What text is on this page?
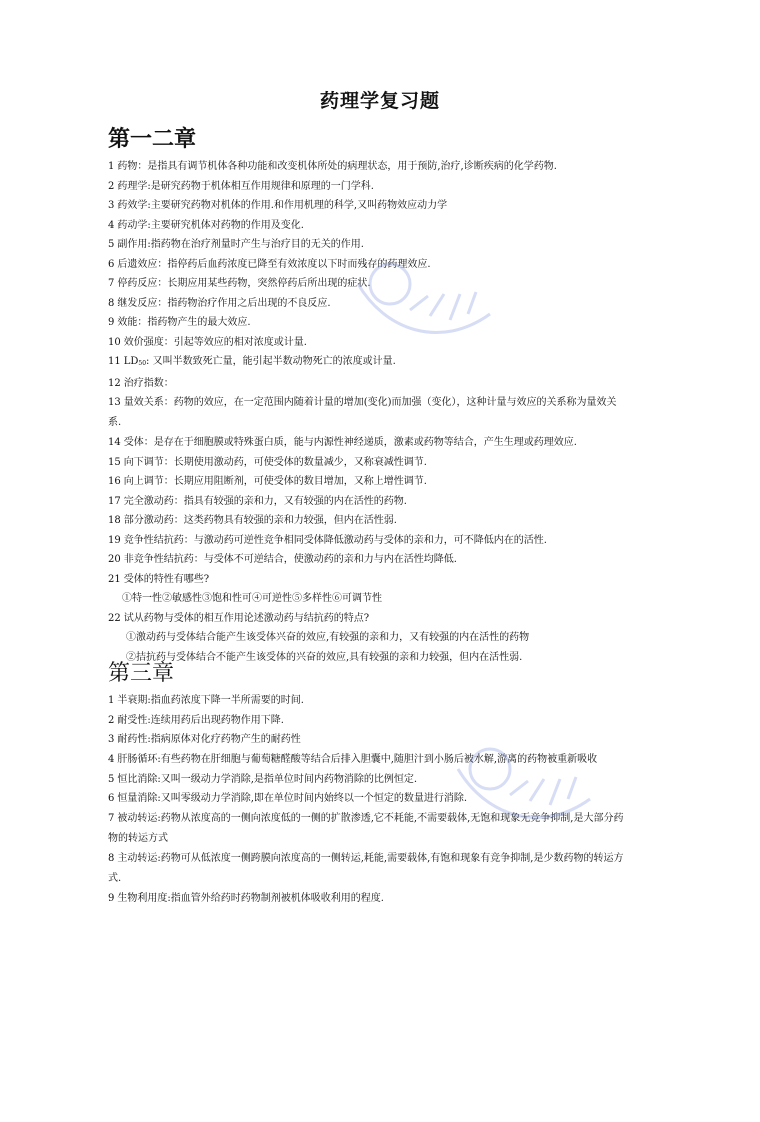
药理学复习题
第一二章

1 药物：是指具有调节机体各种功能和改变机体所处的病理状态，用于预防,治疗,诊断疾病的化学药物.

2 药理学:是研究药物于机体相互作用规律和原理的一门学科.

3 药效学:主要研究药物对机体的作用.和作用机理的科学,又叫药物效应动力学

4 药动学:主要研究机体对药物的作用及变化.

5 副作用:指药物在治疗剂量时产生与治疗目的无关的作用.

6 后遗效应：指停药后血药浓度已降至有效浓度以下时而残存的药理效应.

7 停药反应：长期应用某些药物，突然停药后所出现的症状.

8 继发反应：指药物治疗作用之后出现的不良反应.

9 效能：指药物产生的最大效应.

10 效价强度：引起等效应的相对浓度或计量.

11 LD50: 又叫半数致死亡量，能引起半数动物死亡的浓度或计量.

12 治疗指数：

13 量效关系：药物的效应，在一定范围内随着计量的增加(变化)而加强（变化），这种计量与效应的关系称为量效关系.

14 受体：是存在于细胞膜或特殊蛋白质，能与内源性神经递质，激素或药物等结合，产生生理或药理效应.

15 向下调节：长期使用激动药，可使受体的数量减少，又称衰减性调节.

16 向上调节：长期应用阻断剂，可使受体的数目增加，又称上增性调节.

17 完全激动药：指具有较强的亲和力，又有较强的内在活性的药物.

18 部分激动药：这类药物具有较强的亲和力较强，但内在活性弱.

19 竞争性结抗药：与激动药可逆性竞争相同受体降低激动药与受体的亲和力，可不降低内在的活性.

20 非竞争性结抗药：与受体不可逆结合，使激动药的亲和力与内在活性均降低.

21 受体的特性有哪些?

①特一性②敏感性③饱和性可④可逆性⑤多样性⑥可调节性

22 试从药物与受体的相互作用论述激动药与结抗药的特点?

①激动药与受体结合能产生该受体兴奋的效应,有较强的亲和力，又有较强的内在活性的药物

②拮抗药与受体结合不能产生该受体的兴奋的效应,具有较强的亲和力较强，但内在活性弱.

第三章

1 半衰期:指血药浓度下降一半所需要的时间.

2 耐受性:连续用药后出现药物作用下降.

3 耐药性:指病原体对化疗药物产生的耐药性

4 肝肠循环:有些药物在肝细胞与葡萄糖醛酸等结合后排入胆囊中,随胆汁到小肠后被水解,游离的药物被重新吸收

5 恒比消除:又叫一级动力学消除,是指单位时间内药物消除的比例恒定.

6 恒量消除:又叫零级动力学消除,即在单位时间内始终以一个恒定的数量进行消除.

7 被动转运:药物从浓度高的一侧向浓度低的一侧的扩散渗透,它不耗能,不需要载体,无饱和现象无竞争抑制,是大部分药物的转运方式

8 主动转运:药物可从低浓度一侧跨膜向浓度高的一侧转运,耗能,需要载体,有饱和现象有竞争抑制,是少数药物的转运方式.

9 生物利用度:指血管外给药时药物制剂被机体吸收利用的程度.
